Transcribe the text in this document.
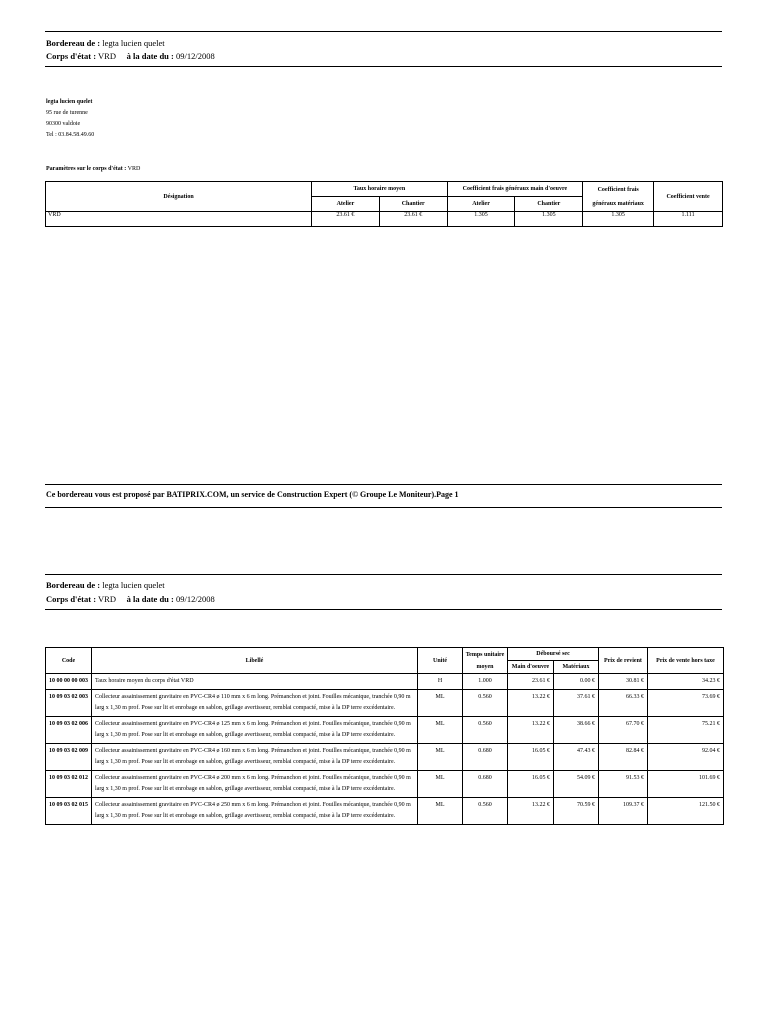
Bordereau de : legta lucien quelet
Corps d'état : VRD à la date du : 09/12/2008
legta lucien quelet
95 rue de turenne
90300 valdoie
Tel : 03.84.58.49.60
Paramètres sur le corps d'état : VRD
Désignation	Taux horaire moyen		Coefficient frais généraux main d'oeuvre		Coefficient frais généraux matériaux	Coefficient vente
	Atelier	Chantier	Atelier	Chantier		
VRD	23.61 €	23.61 €	1.305	1.305	1.305	1.111
Ce bordereau vous est proposé par BATIPRIX.COM, un service de Construction Expert (© Groupe Le Moniteur).Page 1
Bordereau de : legta lucien quelet
Corps d'état : VRD à la date du : 09/12/2008
Code	Libellé	Unité	Temps unitaire moyen	Déboursé sec		Prix de revient	Prix de vente hors taxe
				Main d'oeuvre	Matériaux		
10 00 00 00 003	Taux horaire moyen du corps d'état VRD	H	1.000	23.61 €	0.00 €	30.81 €	34.23 €
10 09 03 02 003	Collecteur assainissement gravitaire en PVC-CR4 ø 110 mm x 6 m long. Prémanchon et joint. Fouilles mécanique, tranchée 0,90 m larg x 1,30 m prof. Pose sur lit et enrobage en sablon, grillage avertisseur, remblai compacté, mise à la DP terre excédentaire.	ML	0.560	13.22 €	37.61 €	66.33 €	73.69 €
10 09 03 02 006	Collecteur assainissement gravitaire en PVC-CR4 ø 125 mm x 6 m long. Prémanchon et joint. Fouilles mécanique, tranchée 0,90 m larg x 1,30 m prof. Pose sur lit et enrobage en sablon, grillage avertisseur, remblai compacté, mise à la DP terre excédentaire.	ML	0.560	13.22 €	38.66 €	67.70 €	75.21 €
10 09 03 02 009	Collecteur assainissement gravitaire en PVC-CR4 ø 160 mm x 6 m long. Prémanchon et joint. Fouilles mécanique, tranchée 0,90 m larg x 1,30 m prof. Pose sur lit et enrobage en sablon, grillage avertisseur, remblai compacté, mise à la DP terre excédentaire.	ML	0.680	16.05 €	47.43 €	82.84 €	92.04 €
10 09 03 02 012	Collecteur assainissement gravitaire en PVC-CR4 ø 200 mm x 6 m long. Prémanchon et joint. Fouilles mécanique, tranchée 0,90 m larg x 1,30 m prof. Pose sur lit et enrobage en sablon, grillage avertisseur, remblai compacté, mise à la DP terre excédentaire.	ML	0.680	16.05 €	54.09 €	91.53 €	101.69 €
10 09 03 02 015	Collecteur assainissement gravitaire en PVC-CR4 ø 250 mm x 6 m long. Prémanchon et joint. Fouilles mécanique, tranchée 0,90 m larg x 1,30 m prof. Pose sur lit et enrobage en sablon, grillage avertisseur, remblai compacté, mise à la DP terre excédentaire.	ML	0.560	13.22 €	70.59 €	109.37 €	121.50 €
